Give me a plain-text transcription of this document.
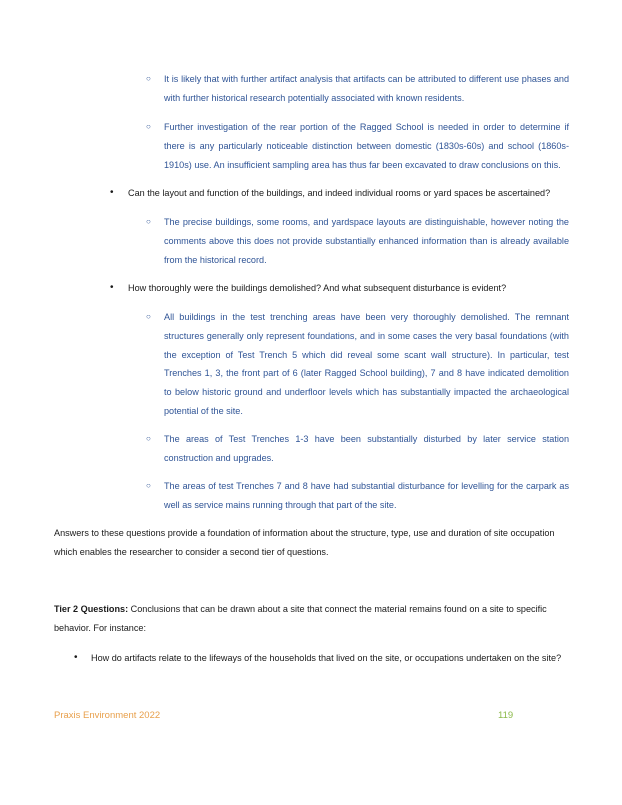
○ It is likely that with further artifact analysis that artifacts can be attributed to different use phases and with further historical research potentially associated with known residents.

○ Further investigation of the rear portion of the Ragged School is needed in order to determine if there is any particularly noticeable distinction between domestic (1830s-60s) and school (1860s-1910s) use. An insufficient sampling area has thus far been excavated to draw conclusions on this.

• Can the layout and function of the buildings, and indeed individual rooms or yard spaces be ascertained?

○ The precise buildings, some rooms, and yardspace layouts are distinguishable, however noting the comments above this does not provide substantially enhanced information than is already available from the historical record.

• How thoroughly were the buildings demolished? And what subsequent disturbance is evident?

○ All buildings in the test trenching areas have been very thoroughly demolished. The remnant structures generally only represent foundations, and in some cases the very basal foundations (with the exception of Test Trench 5 which did reveal some scant wall structure). In particular, test Trenches 1, 3, the front part of 6 (later Ragged School building), 7 and 8 have indicated demolition to below historic ground and underfloor levels which has substantially impacted the archaeological potential of the site.

○ The areas of Test Trenches 1-3 have been substantially disturbed by later service station construction and upgrades.

○ The areas of test Trenches 7 and 8 have had substantial disturbance for levelling for the carpark as well as service mains running through that part of the site.

Answers to these questions provide a foundation of information about the structure, type, use and duration of site occupation which enables the researcher to consider a second tier of questions.

Tier 2 Questions: Conclusions that can be drawn about a site that connect the material remains found on a site to specific behavior. For instance:

• How do artifacts relate to the lifeways of the households that lived on the site, or occupations undertaken on the site?

Praxis Environment 2022	119
